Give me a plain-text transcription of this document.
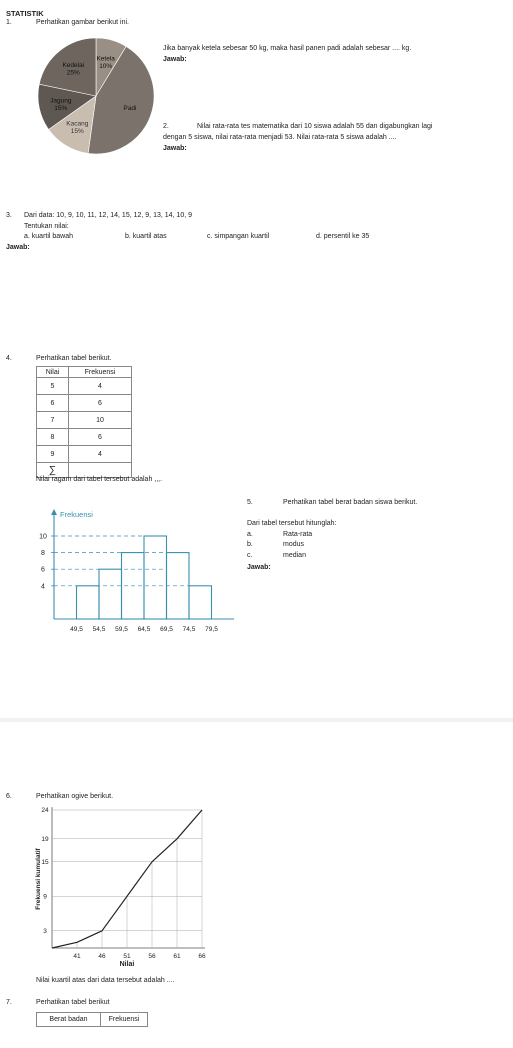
STATISTIK
1.	Perhatikan gambar berikut ini.
Ketela
10%
Padi
Kacang
15%
Jagung
15%
Kedelai
25%
Jika banyak ketela sebesar 50 kg, maka hasil panen padi adalah sebesar .... kg.
Jawab:
2.	Nilai rata-rata tes matematika dari 10 siswa adalah 55 dan digabungkan lagi
dengan 5 siswa, nilai rata-rata menjadi 53. Nilai rata-rata 5 siswa adalah ....
Jawab:
3. Dari data: 10, 9, 10, 11, 12, 14, 15, 12, 9, 13, 14, 10, 9
Tentukan nilai:
a. kuartil bawah	b. kuartil atas	c. simpangan kuartil	d. persentil ke 35
Jawab:
4.	Perhatikan tabel berikut.
Nilai	Frekuensi
5	4
6	6
7	10
8	6
9	4
∑	
Nilai ragam dari tabel tersebut adalah ,,,.
5.	Perhatikan tabel berat badan siswa berikut.
Dari tabel tersebut hitunglah:
a.	Rata-rata
b.	modus
c.	median
Jawab:
4
6
8
10
Frekuensi
49,5 54,5 59,5 64,5 69,5 74,5 79,5
6.	Perhatikan ogive berikut.
3
9
15
19
24
41	46	51	56	61	66
Nilai
Frekuensi kumulatif
Nilai kuartil atas dari data tersebut adalah ....
7.	Perhatikan tabel berikut
Berat badan	Frekuensi
